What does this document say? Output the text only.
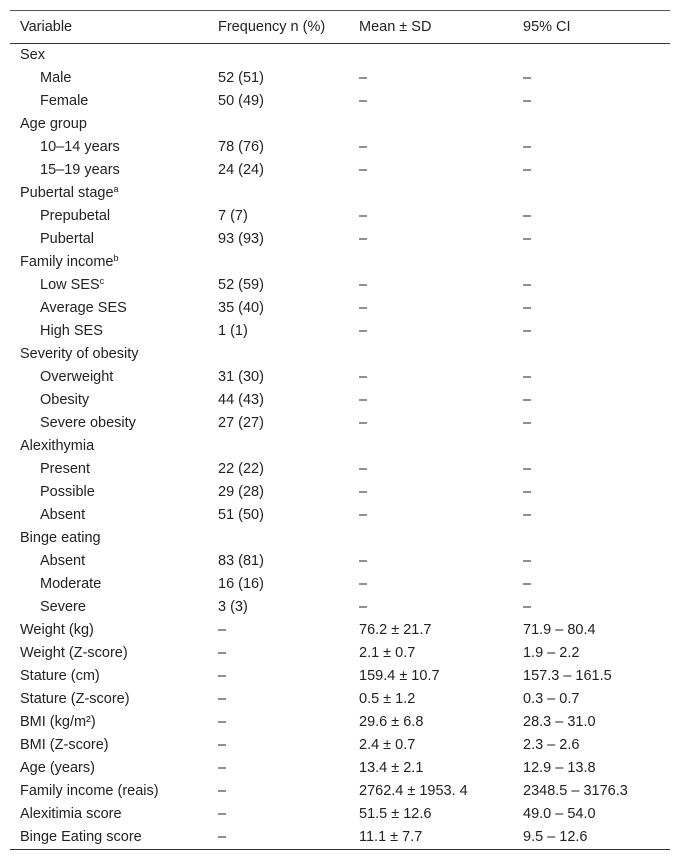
Variable	Frequency n (%)	Mean ± SD	95% CI
Sex			
Male	52 (51)	–	–
Female	50 (49)	–	–
Age group			
10–14 years	78 (76)	–	–
15–19 years	24 (24)	–	–
Pubertal stage$^a$			
Prepubetal	7 (7)	–	–
Pubertal	93 (93)	–	–
Family income$^b$			
Low SES$^c$	52 (59)	–	–
Average SES	35 (40)	–	–
High SES	1 (1)	–	–
Severity of obesity			
Overweight	31 (30)	–	–
Obesity	44 (43)	–	–
Severe obesity	27 (27)	–	–
Alexithymia			
Present	22 (22)	–	–
Possible	29 (28)	–	–
Absent	51 (50)	–	–
Binge eating			
Absent	83 (81)	–	–
Moderate	16 (16)	–	–
Severe	3 (3)	–	–
Weight (kg)	–	76.2 ± 21.7	71.9 – 80.4
Weight (Z-score)	–	2.1 ± 0.7	1.9 – 2.2
Stature (cm)	–	159.4 ± 10.7	157.3 – 161.5
Stature (Z-score)	–	0.5 ± 1.2	0.3 – 0.7
BMI (kg/m²)	–	29.6 ± 6.8	28.3 – 31.0
BMI (Z-score)	–	2.4 ± 0.7	2.3 – 2.6
Age (years)	–	13.4 ± 2.1	12.9 – 13.8
Family income (reais)	–	2762.4 ± 1953. 4	2348.5 – 3176.3
Alexitimia score	–	51.5 ± 12.6	49.0 – 54.0
Binge Eating score	–	11.1 ± 7.7	9.5 – 12.6
